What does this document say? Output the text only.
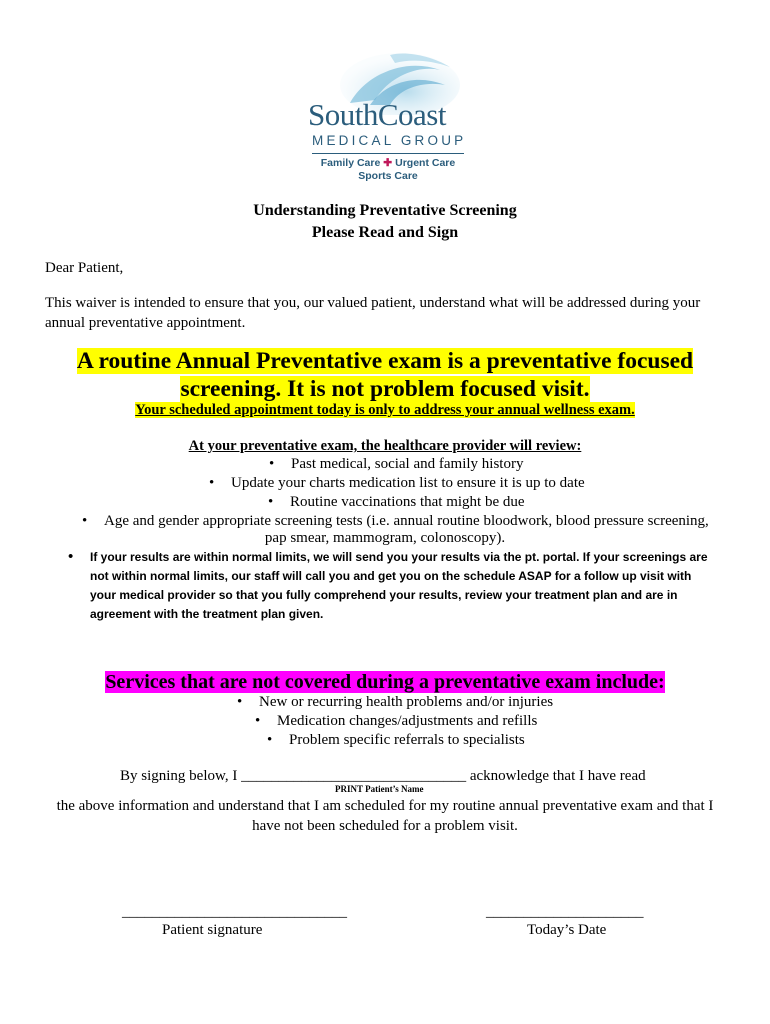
SouthCoast
MEDICAL GROUP
Family Care ✚ Urgent Care
Sports Care
Understanding Preventative Screening
Please Read and Sign
Dear Patient,
This waiver is intended to ensure that you, our valued patient, understand what will be addressed during your
annual preventative appointment.
A routine Annual Preventative exam is a preventative focused
screening. It is not problem focused visit.
Your scheduled appointment today is only to address your annual wellness exam.
At your preventative exam, the healthcare provider will review:
• Past medical, social and family history
• Update your charts medication list to ensure it is up to date
• Routine vaccinations that might be due
• Age and gender appropriate screening tests (i.e. annual routine bloodwork, blood pressure screening,
pap smear, mammogram, colonoscopy).
• If your results are within normal limits, we will send you your results via the pt. portal. If your screenings are
not within normal limits, our staff will call you and get you on the schedule ASAP for a follow up visit with
your medical provider so that you fully comprehend your results, review your treatment plan and are in
agreement with the treatment plan given.
Services that are not covered during a preventative exam include:
• New or recurring health problems and/or injuries
• Medication changes/adjustments and refills
• Problem specific referrals to specialists
By signing below, I ______________________________ acknowledge that I have read
PRINT Patient’s Name
the above information and understand that I am scheduled for my routine annual preventative exam and that I
have not been scheduled for a problem visit.
______________________________
Patient signature
_____________________
Today’s Date
